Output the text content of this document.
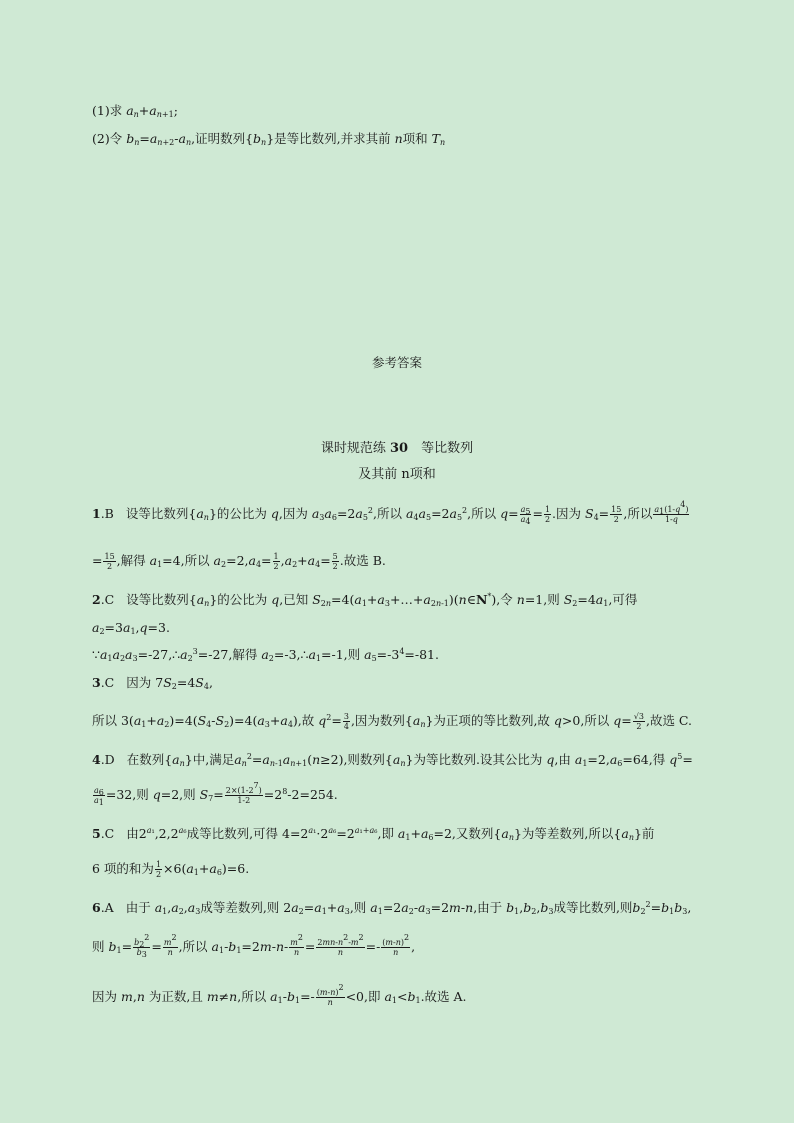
(1)求 $a_n+a_{n+1}$;
(2)令 $b_n=a_{n+2}-a_n$,证明数列$\{b_n\}$是等比数列,并求其前 n项和 $T_n$
参考答案
课时规范练 30　等比数列
及其前 n项和
1.B 设等比数列$\{a_n\}$的公比为 q,因为 $a_3a_6=2a_5^2$,所以 $a_4a_5=2a_5^2$,所以 $q= \frac{a_5}{a_4} = \frac{1}{2}$ .因为 $S_4= \frac{15}{2}$ ,所以 $\frac{a_1(1-q^4)}{1-q}$
= $\frac{15}{2}$ ,解得 $a_1=4$,所以 $a_2=2,a_4= \frac{1}{2} ,a_2+a_4= \frac{5}{2}$ .故选 B.
2.C 设等比数列$\{a_n\}$的公比为 q,已知 $S_{2n}=4(a_1+a_3+\dots+a_{2n-1})(n\in N^*)$,令 n=1,则 $S_2=4a_1$,可得
$a_2=3a_1,q=3$.
$\because a_1a_2a_3=-27,\therefore a_2^3=-27$,解得 $a_2=-3,\therefore a_1=-1$,则 $a_5=-3^4=-81$.
3.C 因为 $7S_2=4S_4$,
所以 $3(a_1+a_2)=4(S_4-S_2)=4(a_3+a_4)$,故 $q^2= \frac{3}{4}$ ,因为数列$\{a_n\}$为正项的等比数列,故 q>0,所以 $q= \frac{√3}{2}$ ,故选 C.
4.D 在数列$\{a_n\}$中,满足$a_n^2=a_{n-1}a_{n+1}(n\ge 2)$,则数列$\{a_n\}$为等比数列.设其公比为 q,由 $a_1=2,a_6=64$,得 $q^5=$
$\frac{a_6}{a_1} =32$,则 q=2,则 $S_7= \frac{2\times(1-2^7)}{1-2} =2^8-2=254$.
5.C 由$2^{a_1},2,2^{a_6}$成等比数列,可得 $4=2^{a_1}\cdot 2^{a_6}=2^{a_1+a_6}$,即 $a_1+a_6=2$,又数列$\{a_n\}$为等差数列,所以$\{a_n\}$前
6 项的和为 $\frac{1}{2} \times 6(a_1+a_6)=6$.
6.A 由于 $a_1,a_2,a_3$成等差数列,则 $2a_2=a_1+a_3$,则 $a_1=2a_2-a_3=2m-n$,由于 $b_1,b_2,b_3$成等比数列,则$b_2^2=b_1b_3$,
则 $b_1= \frac{b_2^2}{b_3} = \frac{m^2}{n}$ ,所以 $a_1-b_1=2m-n- \frac{m^2}{n} = \frac{2mn-n^2-m^2}{n} =- \frac{(m-n)^2}{n}$ ,
因为 m,n 为正数,且 m≠n,所以 $a_1-b_1=- \frac{(m-n)^2}{n} <0$,即 $a_1<b_1$.故选 A.
